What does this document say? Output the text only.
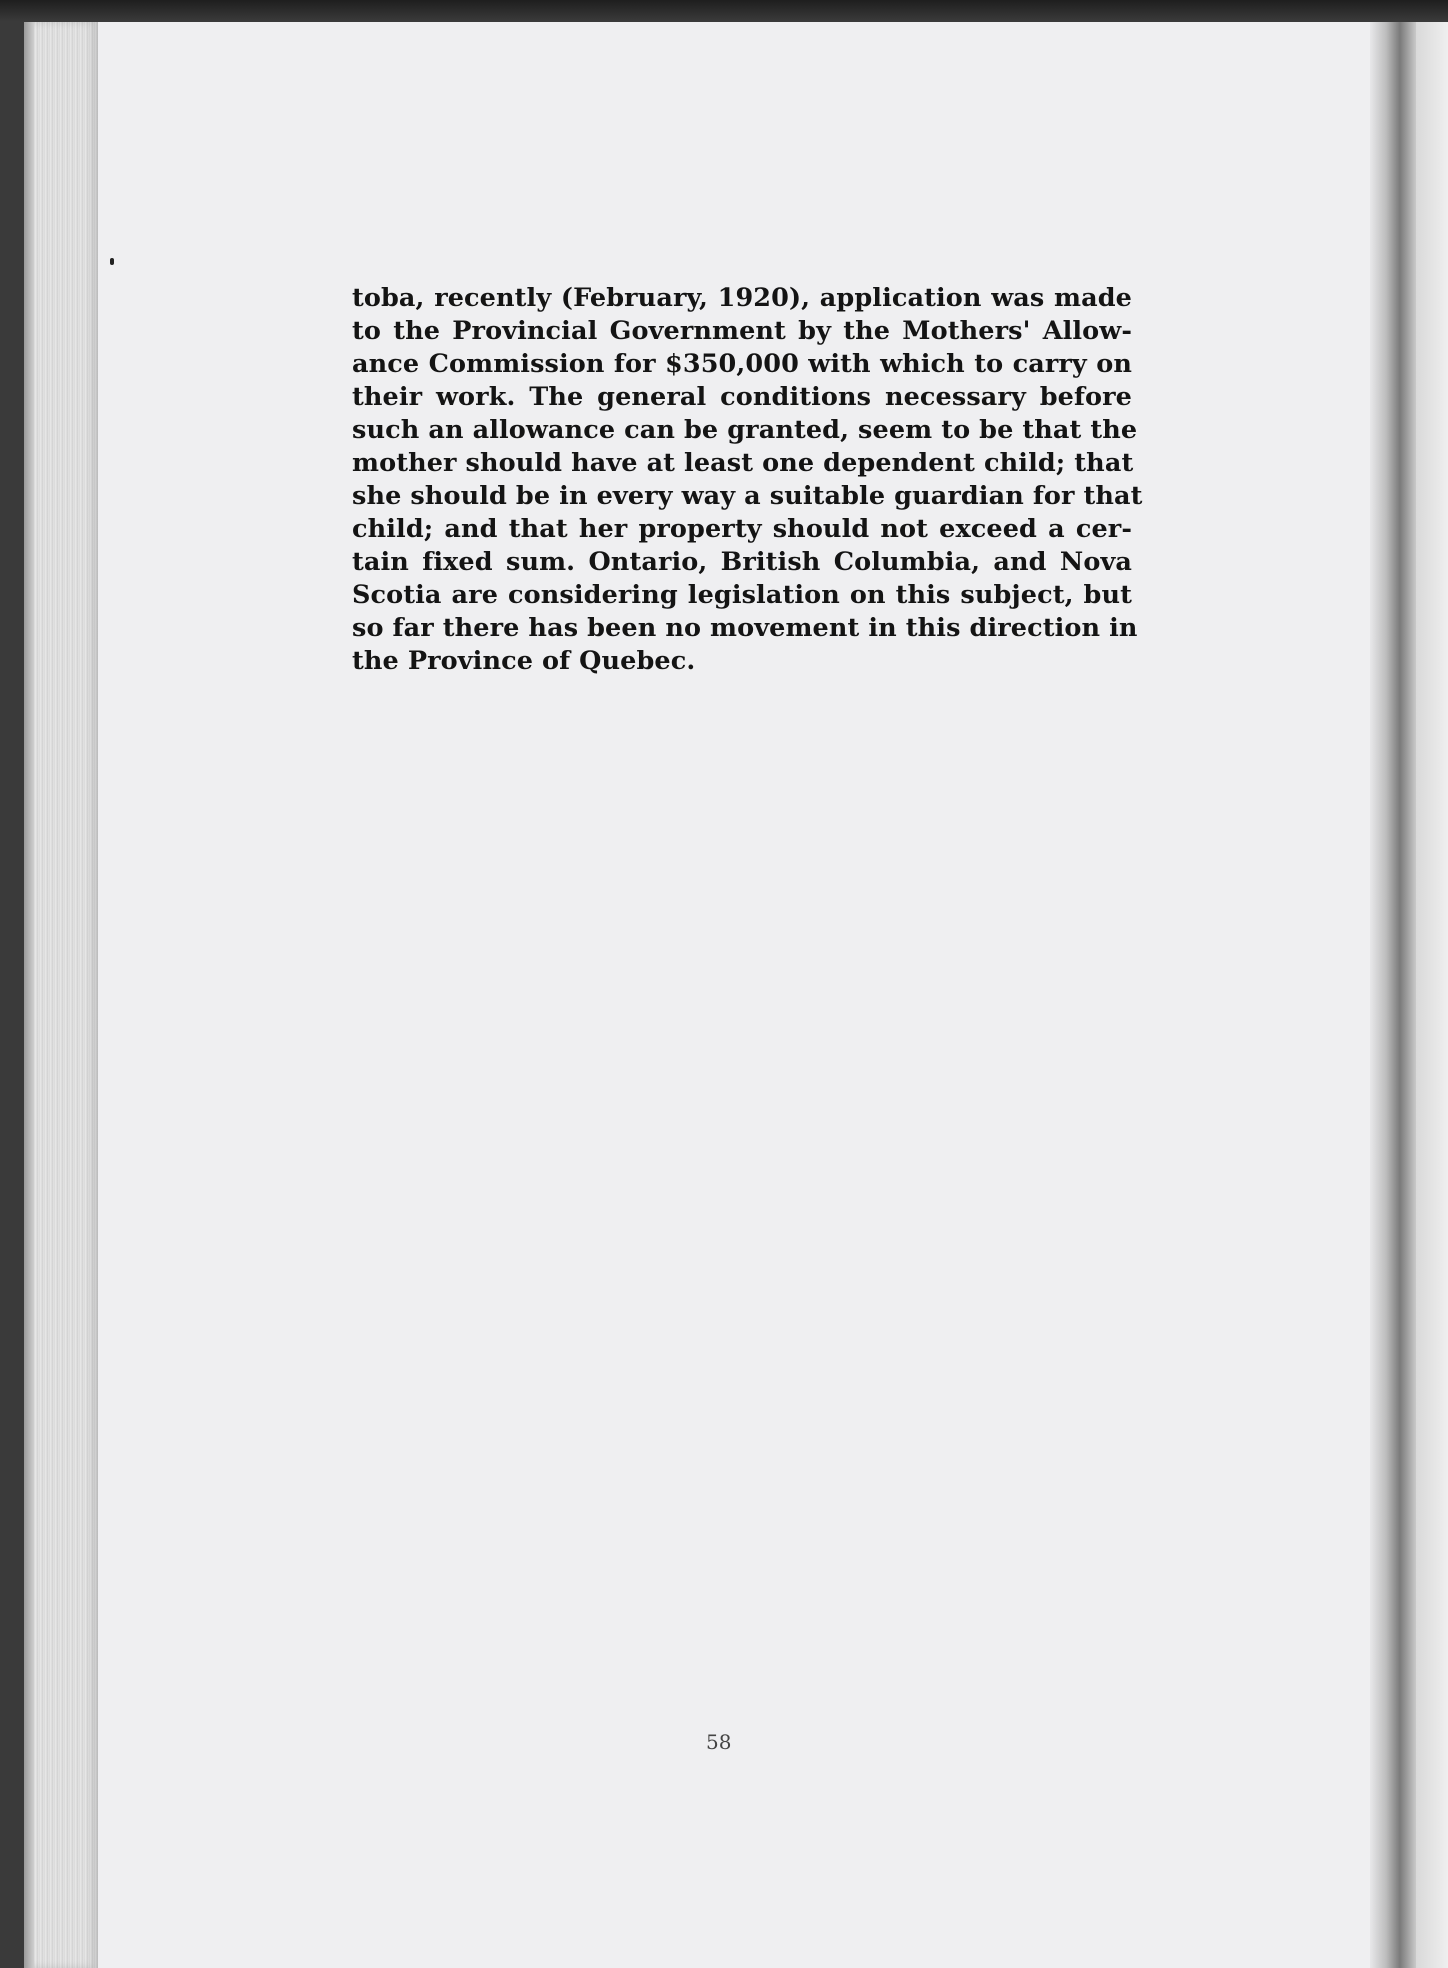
toba, recently (February, 1920), application was made
to the Provincial Government by the Mothers' Allow-
ance Commission for $350,000 with which to carry on
their work. The general conditions necessary before
such an allowance can be granted, seem to be that the
mother should have at least one dependent child; that
she should be in every way a suitable guardian for that
child; and that her property should not exceed a cer-
tain fixed sum. Ontario, British Columbia, and Nova
Scotia are considering legislation on this subject, but
so far there has been no movement in this direction in
the Province of Quebec.

58
